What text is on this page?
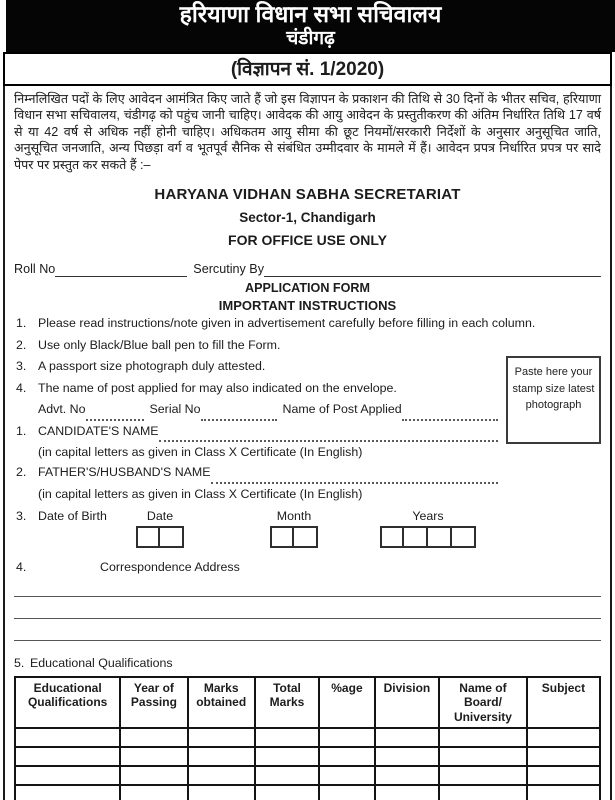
हरियाणा विधान सभा सचिवालय
चंडीगढ़
(विज्ञापन सं. 1/2020)
निम्नलिखित पदों के लिए आवेदन आमंत्रित किए जाते हैं जो इस विज्ञापन के प्रकाशन की तिथि से 30 दिनों के भीतर सचिव, हरियाणा विधान सभा सचिवालय, चंडीगढ़ को पहुंच जानी चाहिए। आवेदक की आयु आवेदन के प्रस्तुतीकरण की अंतिम निर्धारित तिथि 17 वर्ष से या 42 वर्ष से अधिक नहीं होनी चाहिए। अधिकतम आयु सीमा की छूट नियमों/सरकारी निर्देशों के अनुसार अनुसूचित जाति, अनुसूचित जनजाति, अन्य पिछड़ा वर्ग व भूतपूर्व सैनिक से संबंधित उम्मीदवार के मामले में हैं। आवेदन प्रपत्र निर्धारित प्रपत्र पर सादे पेपर पर प्रस्तुत कर सकते हैं :–
HARYANA VIDHAN SABHA SECRETARIAT
Sector-1, Chandigarh
FOR OFFICE USE ONLY
Roll No	Sercutiny By
APPLICATION FORM
IMPORTANT INSTRUCTIONS
1. Please read instructions/note given in advertisement carefully before filling in each column.
2. Use only Black/Blue ball pen to fill the Form.
3. A passport size photograph duly attested.
4. The name of post applied for may also indicated on the envelope.
Advt. No	Serial No	Name of Post Applied
1. CANDIDATE'S NAME
(in capital letters as given in Class X Certificate (In English)
2. FATHER'S/HUSBAND'S NAME
(in capital letters as given in Class X Certificate (In English)
Paste here your stamp size latest photograph
3. Date of Birth	Date	Month	Years
4.	Correspondence Address
5. Educational Qualifications
Educational Qualifications	Year of Passing	Marks obtained	Total Marks	%age	Division	Name of Board/ University	Subject
